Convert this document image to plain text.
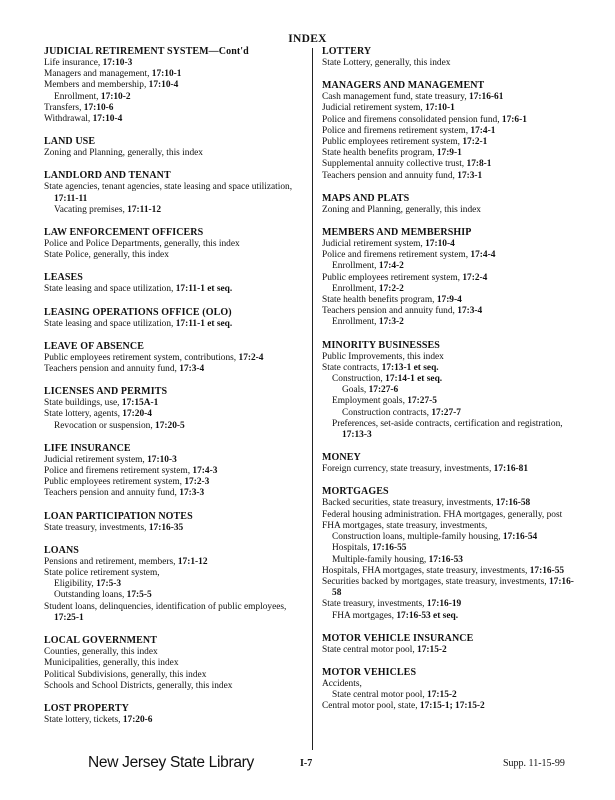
INDEX
JUDICIAL RETIREMENT SYSTEM—Cont'd
Life insurance, 17:10-3
Managers and management, 17:10-1
Members and membership, 17:10-4
Enrollment, 17:10-2
Transfers, 17:10-6
Withdrawal, 17:10-4
LAND USE
Zoning and Planning, generally, this index
LANDLORD AND TENANT
State agencies, tenant agencies, state leasing and space utilization, 17:11-11
Vacating premises, 17:11-12
LAW ENFORCEMENT OFFICERS
Police and Police Departments, generally, this index
State Police, generally, this index
LEASES
State leasing and space utilization, 17:11-1 et seq.
LEASING OPERATIONS OFFICE (OLO)
State leasing and space utilization, 17:11-1 et seq.
LEAVE OF ABSENCE
Public employees retirement system, contributions, 17:2-4
Teachers pension and annuity fund, 17:3-4
LICENSES AND PERMITS
State buildings, use, 17:15A-1
State lottery, agents, 17:20-4
Revocation or suspension, 17:20-5
LIFE INSURANCE
Judicial retirement system, 17:10-3
Police and firemens retirement system, 17:4-3
Public employees retirement system, 17:2-3
Teachers pension and annuity fund, 17:3-3
LOAN PARTICIPATION NOTES
State treasury, investments, 17:16-35
LOANS
Pensions and retirement, members, 17:1-12
State police retirement system,
Eligibility, 17:5-3
Outstanding loans, 17:5-5
Student loans, delinquencies, identification of public employees, 17:25-1
LOCAL GOVERNMENT
Counties, generally, this index
Municipalities, generally, this index
Political Subdivisions, generally, this index
Schools and School Districts, generally, this index
LOST PROPERTY
State lottery, tickets, 17:20-6
LOTTERY
State Lottery, generally, this index
MANAGERS AND MANAGEMENT
Cash management fund, state treasury, 17:16-61
Judicial retirement system, 17:10-1
Police and firemens consolidated pension fund, 17:6-1
Police and firemens retirement system, 17:4-1
Public employees retirement system, 17:2-1
State health benefits program, 17:9-1
Supplemental annuity collective trust, 17:8-1
Teachers pension and annuity fund, 17:3-1
MAPS AND PLATS
Zoning and Planning, generally, this index
MEMBERS AND MEMBERSHIP
Judicial retirement system, 17:10-4
Police and firemens retirement system, 17:4-4
Enrollment, 17:4-2
Public employees retirement system, 17:2-4
Enrollment, 17:2-2
State health benefits program, 17:9-4
Teachers pension and annuity fund, 17:3-4
Enrollment, 17:3-2
MINORITY BUSINESSES
Public Improvements, this index
State contracts, 17:13-1 et seq.
Construction, 17:14-1 et seq.
Goals, 17:27-6
Employment goals, 17:27-5
Construction contracts, 17:27-7
Preferences, set-aside contracts, certification and registration, 17:13-3
MONEY
Foreign currency, state treasury, investments, 17:16-81
MORTGAGES
Backed securities, state treasury, investments, 17:16-58
Federal housing administration. FHA mortgages, generally, post
FHA mortgages, state treasury, investments,
Construction loans, multiple-family housing, 17:16-54
Hospitals, 17:16-55
Multiple-family housing, 17:16-53
Hospitals, FHA mortgages, state treasury, investments, 17:16-55
Securities backed by mortgages, state treasury, investments, 17:16-58
State treasury, investments, 17:16-19
FHA mortgages, 17:16-53 et seq.
MOTOR VEHICLE INSURANCE
State central motor pool, 17:15-2
MOTOR VEHICLES
Accidents,
State central motor pool, 17:15-2
Central motor pool, state, 17:15-1; 17:15-2
New Jersey State Library	I-7	Supp. 11-15-99
